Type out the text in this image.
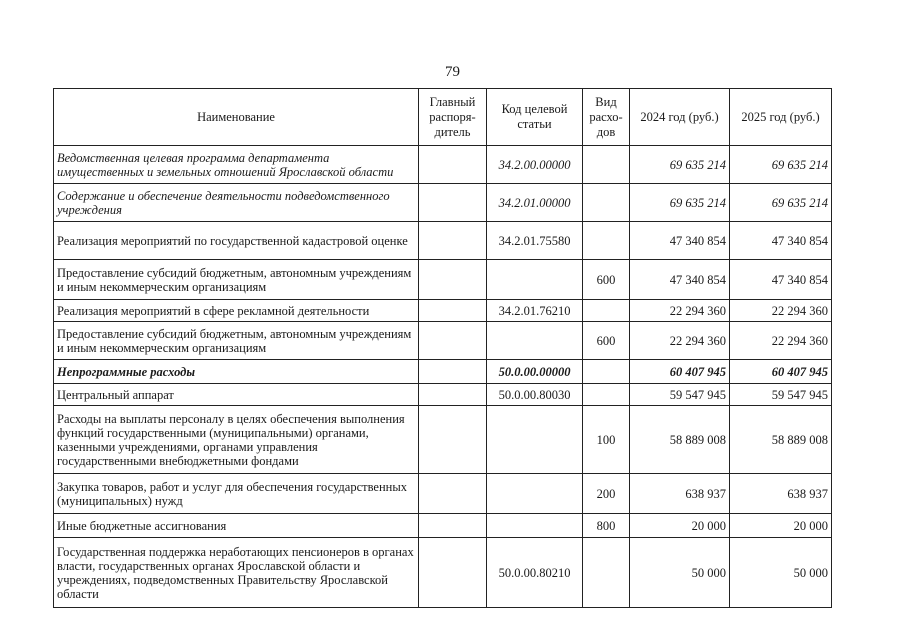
79
Наименование	Главный распоря-дитель	Код целевой статьи	Вид расхо-дов	2024 год (руб.)	2025 год (руб.)
Ведомственная целевая программа департамента имущественных и земельных отношений Ярославской области		34.2.00.00000		69 635 214	69 635 214
Содержание и обеспечение деятельности подведомственного учреждения		34.2.01.00000		69 635 214	69 635 214
Реализация мероприятий по государственной кадастровой оценке		34.2.01.75580		47 340 854	47 340 854
Предоставление субсидий бюджетным, автономным учреждениям и иным некоммерческим организациям			600	47 340 854	47 340 854
Реализация мероприятий в сфере рекламной деятельности		34.2.01.76210		22 294 360	22 294 360
Предоставление субсидий бюджетным, автономным учреждениям и иным некоммерческим организациям			600	22 294 360	22 294 360
Непрограммные расходы		50.0.00.00000		60 407 945	60 407 945
Центральный аппарат		50.0.00.80030		59 547 945	59 547 945
Расходы на выплаты персоналу в целях обеспечения выполнения функций государственными (муниципальными) органами, казенными учреждениями, органами управления государственными внебюджетными фондами			100	58 889 008	58 889 008
Закупка товаров, работ и услуг для обеспечения государственных (муниципальных) нужд			200	638 937	638 937
Иные бюджетные ассигнования			800	20 000	20 000
Государственная поддержка неработающих пенсионеров в органах власти, государственных органах Ярославской области и учреждениях, подведомственных Правительству Ярославской области		50.0.00.80210		50 000	50 000
